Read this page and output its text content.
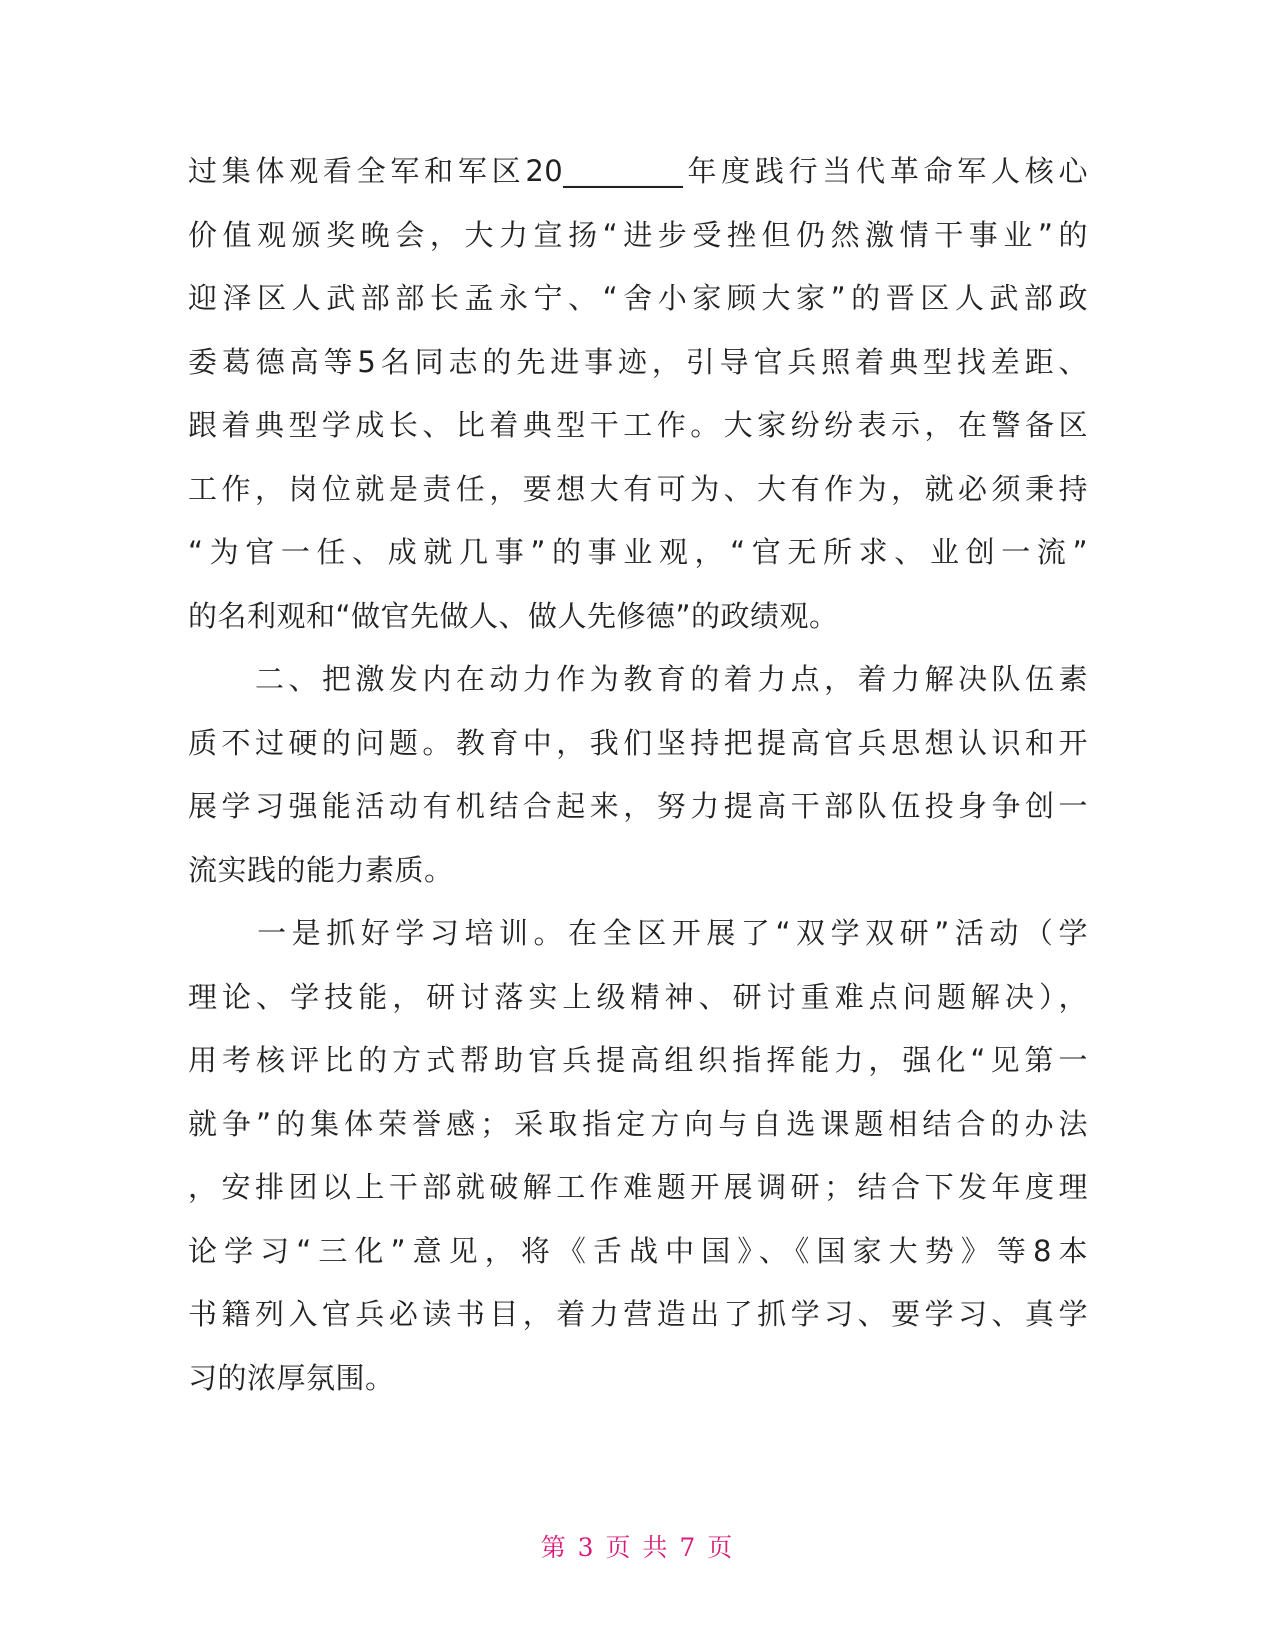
过集体观看全军和军区20________年度践行当代革命军人核心
价值观颁奖晚会，大力宣扬“进步受挫但仍然激情干事业”的
迎泽区人武部部长孟永宁、“舍小家顾大家”的晋区人武部政
委葛德高等5名同志的先进事迹，引导官兵照着典型找差距、
跟着典型学成长、比着典型干工作。大家纷纷表示，在警备区
工作，岗位就是责任，要想大有可为、大有作为，就必须秉持
“为官一任、成就几事”的事业观，“官无所求、业创一流”
的名利观和“做官先做人、做人先修德”的政绩观。
　　二、把激发内在动力作为教育的着力点，着力解决队伍素
质不过硬的问题。教育中，我们坚持把提高官兵思想认识和开
展学习强能活动有机结合起来，努力提高干部队伍投身争创一
流实践的能力素质。
　　一是抓好学习培训。在全区开展了“双学双研”活动（学
理论、学技能，研讨落实上级精神、研讨重难点问题解决），
用考核评比的方式帮助官兵提高组织指挥能力，强化“见第一
就争”的集体荣誉感；采取指定方向与自选课题相结合的办法
，安排团以上干部就破解工作难题开展调研；结合下发年度理
论学习“三化”意见，将《舌战中国》、《国家大势》等8本
书籍列入官兵必读书目，着力营造出了抓学习、要学习、真学
习的浓厚氛围。
第 3 页 共 7 页
